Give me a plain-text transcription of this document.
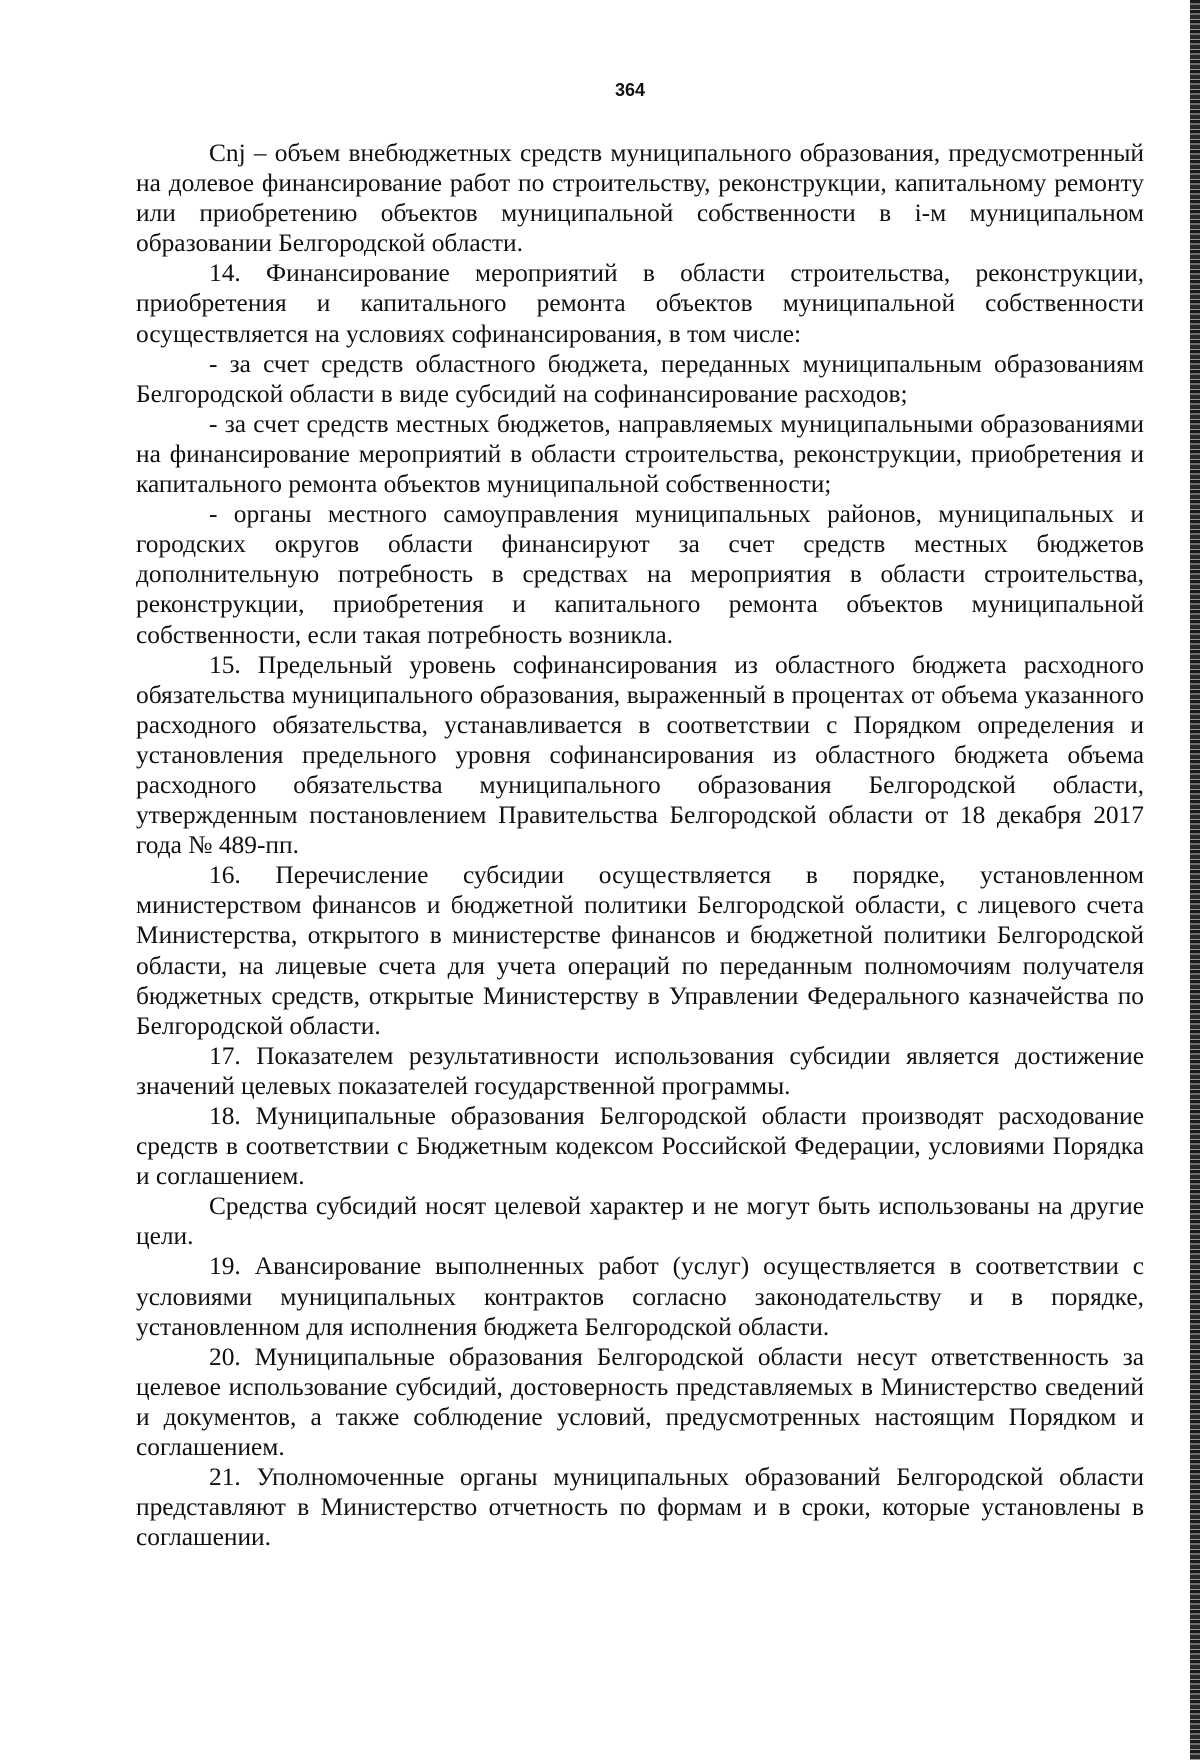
364

Cnj – объем внебюджетных средств муниципального образования, предусмотренный на долевое финансирование работ по строительству, реконструкции, капитальному ремонту или приобретению объектов муниципальной собственности в i-м муниципальном образовании Белгородской области.

14. Финансирование мероприятий в области строительства, реконструкции, приобретения и капитального ремонта объектов муниципальной собственности осуществляется на условиях софинансирования, в том числе:

- за счет средств областного бюджета, переданных муниципальным образованиям Белгородской области в виде субсидий на софинансирование расходов;

- за счет средств местных бюджетов, направляемых муниципальными образованиями на финансирование мероприятий в области строительства, реконструкции, приобретения и капитального ремонта объектов муниципальной собственности;

- органы местного самоуправления муниципальных районов, муниципальных и городских округов области финансируют за счет средств местных бюджетов дополнительную потребность в средствах на мероприятия в области строительства, реконструкции, приобретения и капитального ремонта объектов муниципальной собственности, если такая потребность возникла.

15. Предельный уровень софинансирования из областного бюджета расходного обязательства муниципального образования, выраженный в процентах от объема указанного расходного обязательства, устанавливается в соответствии с Порядком определения и установления предельного уровня софинансирования из областного бюджета объема расходного обязательства муниципального образования Белгородской области, утвержденным постановлением Правительства Белгородской области от 18 декабря 2017 года № 489-пп.

16. Перечисление субсидии осуществляется в порядке, установленном министерством финансов и бюджетной политики Белгородской области, с лицевого счета Министерства, открытого в министерстве финансов и бюджетной политики Белгородской области, на лицевые счета для учета операций по переданным полномочиям получателя бюджетных средств, открытые Министерству в Управлении Федерального казначейства по Белгородской области.

17. Показателем результативности использования субсидии является достижение значений целевых показателей государственной программы.

18. Муниципальные образования Белгородской области производят расходование средств в соответствии с Бюджетным кодексом Российской Федерации, условиями Порядка и соглашением.

Средства субсидий носят целевой характер и не могут быть использованы на другие цели.

19. Авансирование выполненных работ (услуг) осуществляется в соответствии с условиями муниципальных контрактов согласно законодательству и в порядке, установленном для исполнения бюджета Белгородской области.

20. Муниципальные образования Белгородской области несут ответственность за целевое использование субсидий, достоверность представляемых в Министерство сведений и документов, а также соблюдение условий, предусмотренных настоящим Порядком и соглашением.

21. Уполномоченные органы муниципальных образований Белгородской области представляют в Министерство отчетность по формам и в сроки, которые установлены в соглашении.
